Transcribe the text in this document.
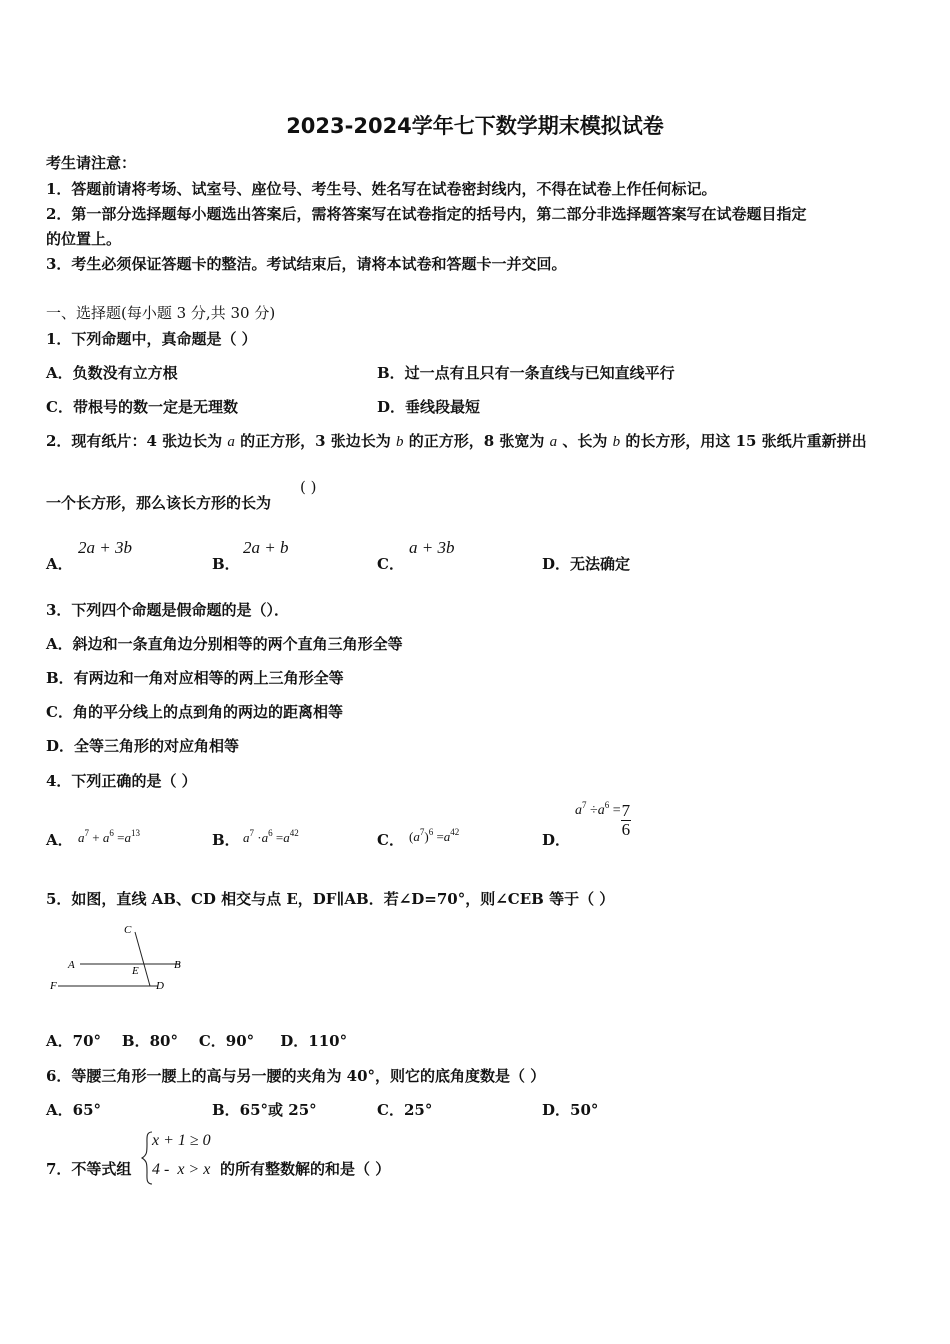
2023-2024学年七下数学期末模拟试卷
考生请注意：
1．答题前请将考场、试室号、座位号、考生号、姓名写在试卷密封线内，不得在试卷上作任何标记。
2．第一部分选择题每小题选出答案后，需将答案写在试卷指定的括号内，第二部分非选择题答案写在试卷题目指定
的位置上。
3．考生必须保证答题卡的整洁。考试结束后，请将本试卷和答题卡一并交回。
一、选择题(每小题 3 分,共 30 分)
1．下列命题中，真命题是（ ）
A．负数没有立方根	B．过一点有且只有一条直线与已知直线平行
C．带根号的数一定是无理数	D．垂线段最短
2．现有纸片：4 张边长为 a 的正方形，3 张边长为 b 的正方形，8 张宽为 a 、长为 b 的长方形，用这 15 张纸片重新拼出
一个长方形，那么该长方形的长为
( )
A．
2a + 3b
B．
2a + b
C．
a + 3b
D．无法确定
3．下列四个命题是假命题的是（）．
A．斜边和一条直角边分别相等的两个直角三角形全等
B．有两边和一角对应相等的两上三角形全等
C．角的平分线上的点到角的两边的距离相等
D．全等三角形的对应角相等
4．下列正确的是（ ）
A． $a^7 + a^6 =a^{13}$	B． $a^7 \cdot a^6 =a^{42}$	C． $(a^7)^6 =a^{42}$	D．
$a^7 \div a^6 = \frac{7}{6}$
5．如图，直线 AB、CD 相交与点 E，DF∥AB．若∠D=70°，则∠CEB 等于（ ）
C
A	E	B
F	D
A．70°    B．80°    C．90°     D．110°
6．等腰三角形一腰上的高与另一腰的夹角为 40°，则它的底角度数是（ ）
A．65°	B．65°或 25°	C．25°	D．50°
7．不等式组
x + 1 ≥ 0
4 -  x > x 的所有整数解的和是（ ）
